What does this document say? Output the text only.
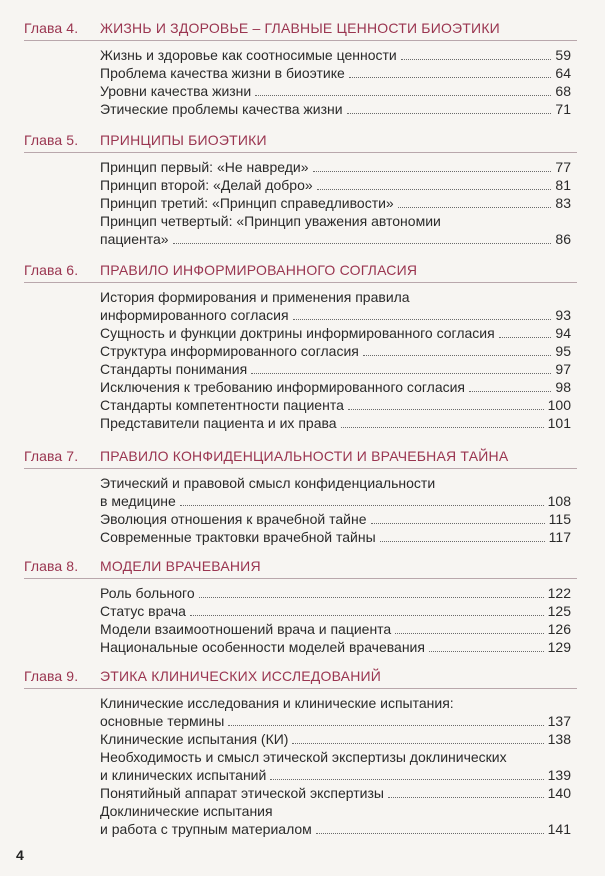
Глава 4. ЖИЗНЬ И ЗДОРОВЬЕ – ГЛАВНЫЕ ЦЕННОСТИ БИОЭТИКИ
Жизнь и здоровье как соотносимые ценности	59
Проблема качества жизни в биоэтике	64
Уровни качества жизни	68
Этические проблемы качества жизни	71
Глава 5. ПРИНЦИПЫ БИОЭТИКИ
Принцип первый: «Не навреди»	77
Принцип второй: «Делай добро»	81
Принцип третий: «Принцип справедливости»	83
Принцип четвертый: «Принцип уважения автономии
пациента»	86
Глава 6. ПРАВИЛО ИНФОРМИРОВАННОГО СОГЛАСИЯ
История формирования и применения правила
информированного согласия	93
Сущность и функции доктрины информированного согласия	94
Структура информированного согласия	95
Стандарты понимания	97
Исключения к требованию информированного согласия	98
Стандарты компетентности пациента	100
Представители пациента и их права	101
Глава 7. ПРАВИЛО КОНФИДЕНЦИАЛЬНОСТИ И ВРАЧЕБНАЯ ТАЙНА
Этический и правовой смысл конфиденциальности
в медицине	108
Эволюция отношения к врачебной тайне	115
Современные трактовки врачебной тайны	117
Глава 8. МОДЕЛИ ВРАЧЕВАНИЯ
Роль больного	122
Статус врача	125
Модели взаимоотношений врача и пациента	126
Национальные особенности моделей врачевания	129
Глава 9. ЭТИКА КЛИНИЧЕСКИХ ИССЛЕДОВАНИЙ
Клинические исследования и клинические испытания:
основные термины	137
Клинические испытания (КИ)	138
Необходимость и смысл этической экспертизы доклинических
и клинических испытаний	139
Понятийный аппарат этической экспертизы	140
Доклинические испытания
и работа с трупным материалом	141
4
